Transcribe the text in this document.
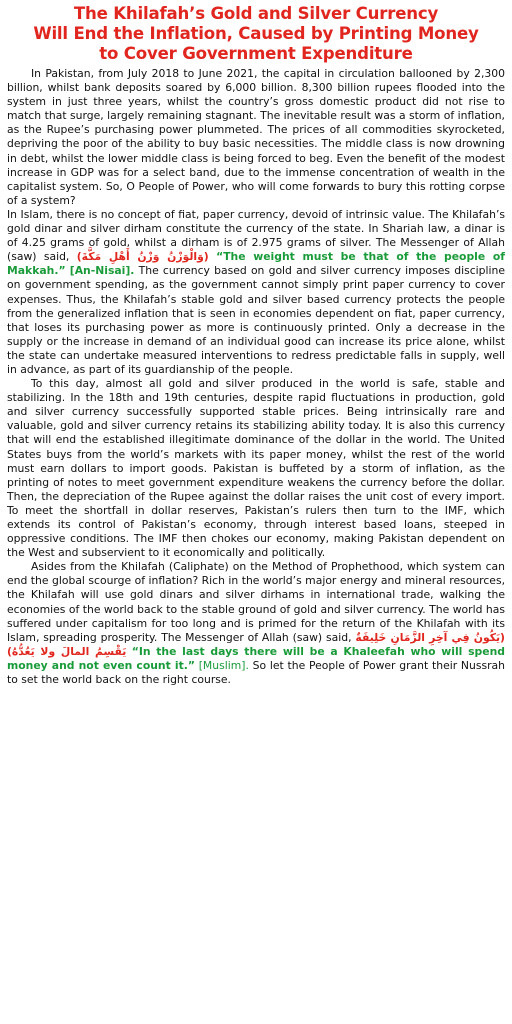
The Khilafah’s Gold and Silver Currency
Will End the Inflation, Caused by Printing Money
to Cover Government Expenditure

In Pakistan, from July 2018 to June 2021, the capital in circulation ballooned by 2,300 billion, whilst bank deposits soared by 6,000 billion. 8,300 billion rupees flooded into the system in just three years, whilst the country’s gross domestic product did not rise to match that surge, largely remaining stagnant. The inevitable result was a storm of inflation, as the Rupee’s purchasing power plummeted. The prices of all commodities skyrocketed, depriving the poor of the ability to buy basic necessities. The middle class is now drowning in debt, whilst the lower middle class is being forced to beg. Even the benefit of the modest increase in GDP was for a select band, due to the immense concentration of wealth in the capitalist system. So, O People of Power, who will come forwards to bury this rotting corpse of a system?

In Islam, there is no concept of fiat, paper currency, devoid of intrinsic value. The Khilafah’s gold dinar and silver dirham constitute the currency of the state. In Shariah law, a dinar is of 4.25 grams of gold, whilst a dirham is of 2.975 grams of silver. The Messenger of Allah (saw) said, (وَالْوَزْنُ وَزْنُ أَهْلِ مَكَّةَ) “The weight must be that of the people of Makkah.” [An-Nisai]. The currency based on gold and silver currency imposes discipline on government spending, as the government cannot simply print paper currency to cover expenses. Thus, the Khilafah’s stable gold and silver based currency protects the people from the generalized inflation that is seen in economies dependent on fiat, paper currency, that loses its purchasing power as more is continuously printed. Only a decrease in the supply or the increase in demand of an individual good can increase its price alone, whilst the state can undertake measured interventions to redress predictable falls in supply, well in advance, as part of its guardianship of the people.

To this day, almost all gold and silver produced in the world is safe, stable and stabilizing. In the 18th and 19th centuries, despite rapid fluctuations in production, gold and silver currency successfully supported stable prices. Being intrinsically rare and valuable, gold and silver currency retains its stabilizing ability today. It is also this currency that will end the established illegitimate dominance of the dollar in the world. The United States buys from the world’s markets with its paper money, whilst the rest of the world must earn dollars to import goods. Pakistan is buffeted by a storm of inflation, as the printing of notes to meet government expenditure weakens the currency before the dollar. Then, the depreciation of the Rupee against the dollar raises the unit cost of every import. To meet the shortfall in dollar reserves, Pakistan’s rulers then turn to the IMF, which extends its control of Pakistan’s economy, through interest based loans, steeped in oppressive conditions. The IMF then chokes our economy, making Pakistan dependent on the West and subservient to it economically and politically.

Asides from the Khilafah (Caliphate) on the Method of Prophethood, which system can end the global scourge of inflation? Rich in the world’s major energy and mineral resources, the Khilafah will use gold dinars and silver dirhams in international trade, walking the economies of the world back to the stable ground of gold and silver currency. The world has suffered under capitalism for too long and is primed for the return of the Khilafah with its Islam, spreading prosperity. The Messenger of Allah (saw) said, (يَكُونُ فِي آخِرِ الزَّمَانِ خَلِيفَةٌ يَقْسِمُ المالَ ولا يَعُدُّهُ) “In the last days there will be a Khaleefah who will spend money and not even count it.” [Muslim]. So let the People of Power grant their Nussrah to set the world back on the right course.
